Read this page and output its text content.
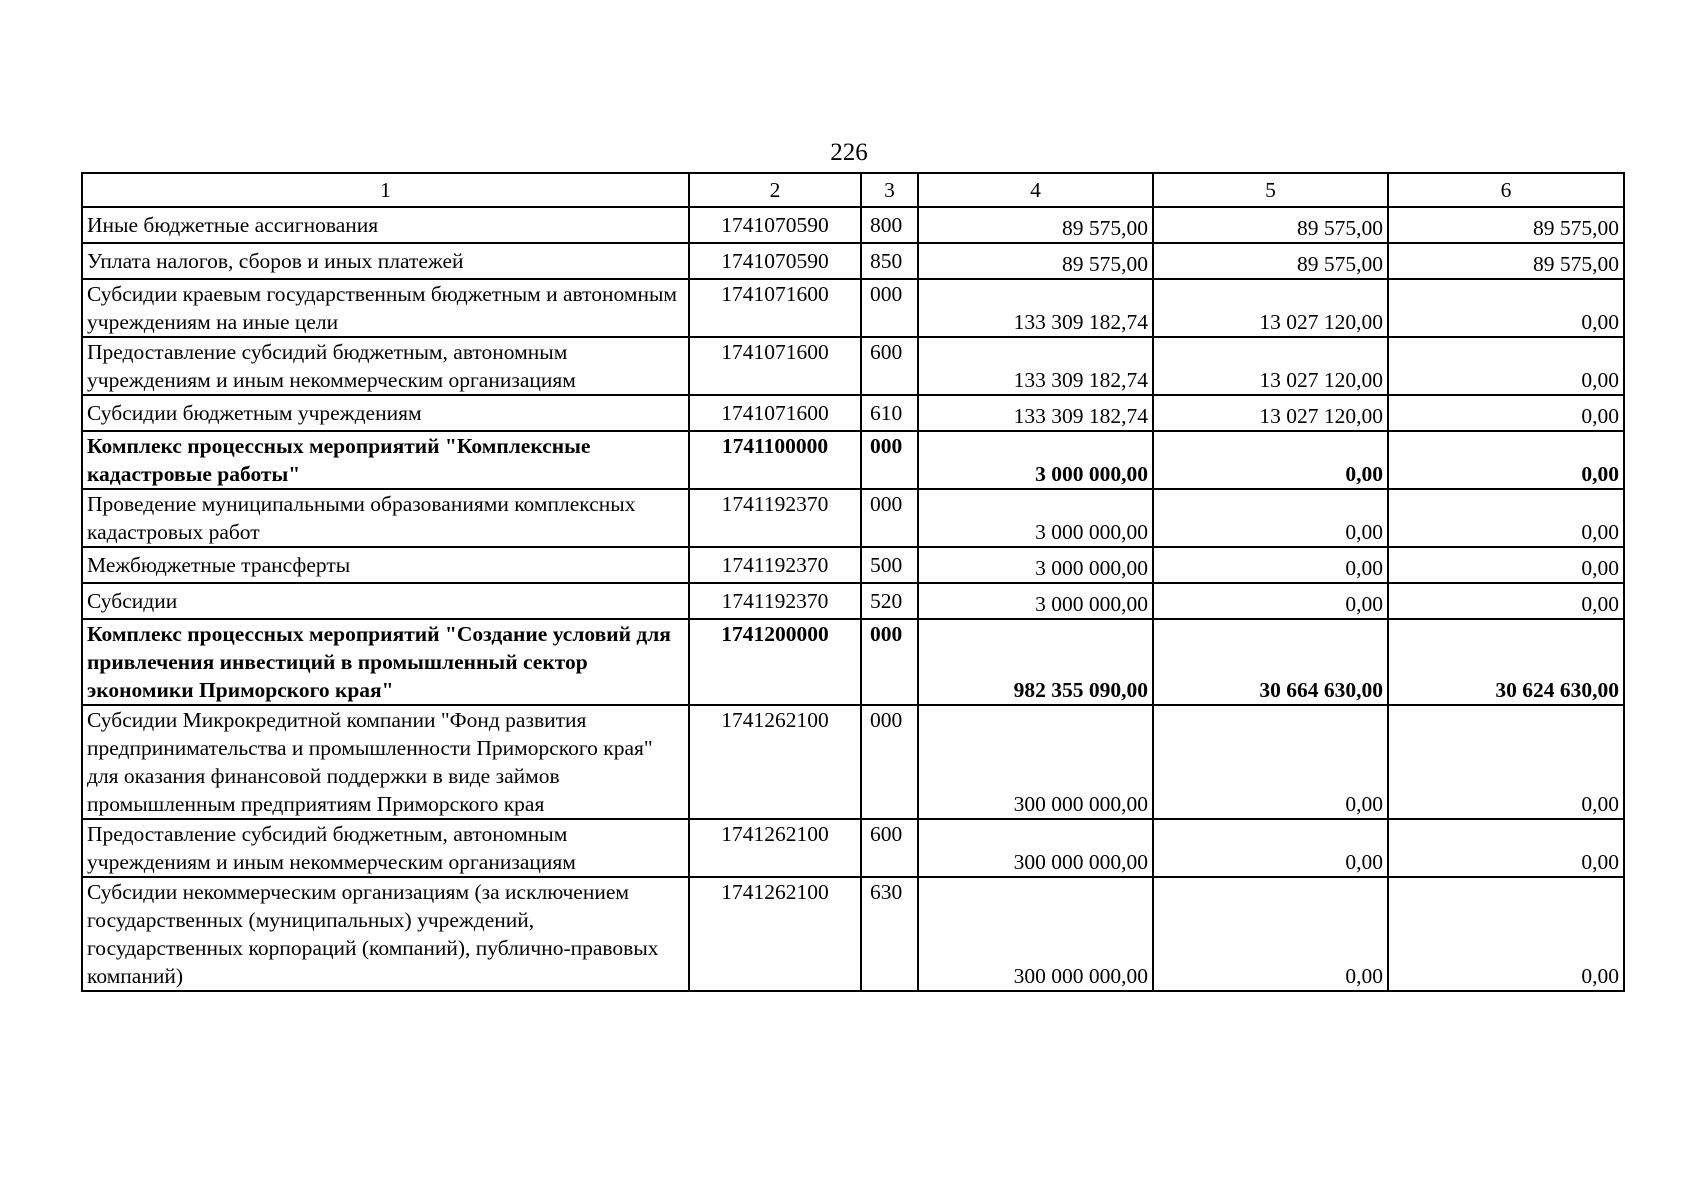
226
1	2	3	4	5	6
Иные бюджетные ассигнования	1741070590	800	89 575,00	89 575,00	89 575,00
Уплата налогов, сборов и иных платежей	1741070590	850	89 575,00	89 575,00	89 575,00
Субсидии краевым государственным бюджетным и автономным учреждениям на иные цели	1741071600	000	133 309 182,74	13 027 120,00	0,00
Предоставление субсидий бюджетным, автономным учреждениям и иным некоммерческим организациям	1741071600	600	133 309 182,74	13 027 120,00	0,00
Субсидии бюджетным учреждениям	1741071600	610	133 309 182,74	13 027 120,00	0,00
Комплекс процессных мероприятий "Комплексные кадастровые работы"	1741100000	000	3 000 000,00	0,00	0,00
Проведение муниципальными образованиями комплексных кадастровых работ	1741192370	000	3 000 000,00	0,00	0,00
Межбюджетные трансферты	1741192370	500	3 000 000,00	0,00	0,00
Субсидии	1741192370	520	3 000 000,00	0,00	0,00
Комплекс процессных мероприятий "Создание условий для привлечения инвестиций в промышленный сектор экономики Приморского края"	1741200000	000	982 355 090,00	30 664 630,00	30 624 630,00
Субсидии Микрокредитной компании "Фонд развития предпринимательства и промышленности Приморского края" для оказания финансовой поддержки в виде займов промышленным предприятиям Приморского края	1741262100	000	300 000 000,00	0,00	0,00
Предоставление субсидий бюджетным, автономным учреждениям и иным некоммерческим организациям	1741262100	600	300 000 000,00	0,00	0,00
Субсидии некоммерческим организациям (за исключением государственных (муниципальных) учреждений, государственных корпораций (компаний), публично-правовых компаний)	1741262100	630	300 000 000,00	0,00	0,00
